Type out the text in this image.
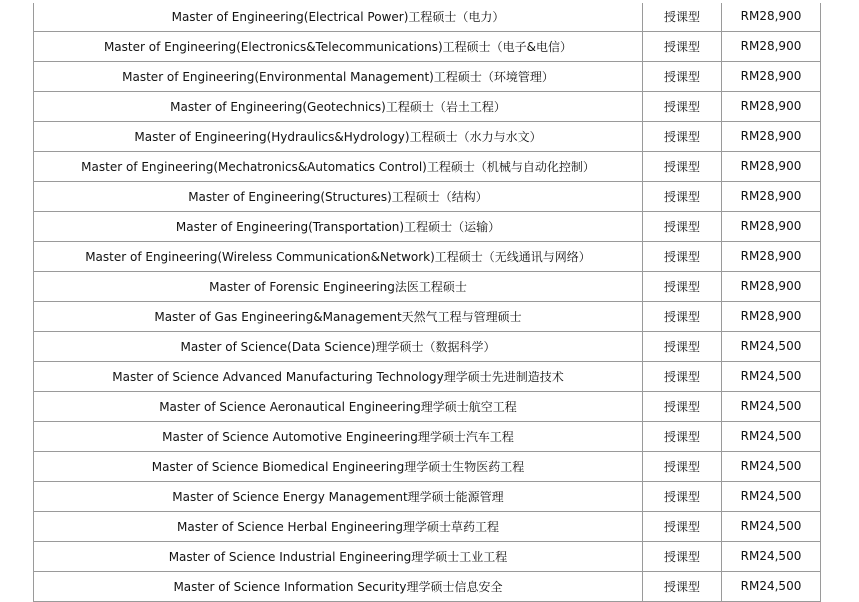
Master of Engineering(Electrical Power)工程硕士（电力）	授课型	RM28,900
Master of Engineering(Electronics&Telecommunications)工程硕士（电子&电信）	授课型	RM28,900
Master of Engineering(Environmental Management)工程硕士（环境管理）	授课型	RM28,900
Master of Engineering(Geotechnics)工程硕士（岩土工程）	授课型	RM28,900
Master of Engineering(Hydraulics&Hydrology)工程硕士（水力与水文）	授课型	RM28,900
Master of Engineering(Mechatronics&Automatics Control)工程硕士（机械与自动化控制）	授课型	RM28,900
Master of Engineering(Structures)工程硕士（结构）	授课型	RM28,900
Master of Engineering(Transportation)工程硕士（运输）	授课型	RM28,900
Master of Engineering(Wireless Communication&Network)工程硕士（无线通讯与网络）	授课型	RM28,900
Master of Forensic Engineering法医工程硕士	授课型	RM28,900
Master of Gas Engineering&Management天然气工程与管理硕士	授课型	RM28,900
Master of Science(Data Science)理学硕士（数据科学）	授课型	RM24,500
Master of Science Advanced Manufacturing Technology理学硕士先进制造技术	授课型	RM24,500
Master of Science Aeronautical Engineering理学硕士航空工程	授课型	RM24,500
Master of Science Automotive Engineering理学硕士汽车工程	授课型	RM24,500
Master of Science Biomedical Engineering理学硕士生物医药工程	授课型	RM24,500
Master of Science Energy Management理学硕士能源管理	授课型	RM24,500
Master of Science Herbal Engineering理学硕士草药工程	授课型	RM24,500
Master of Science Industrial Engineering理学硕士工业工程	授课型	RM24,500
Master of Science Information Security理学硕士信息安全	授课型	RM24,500
